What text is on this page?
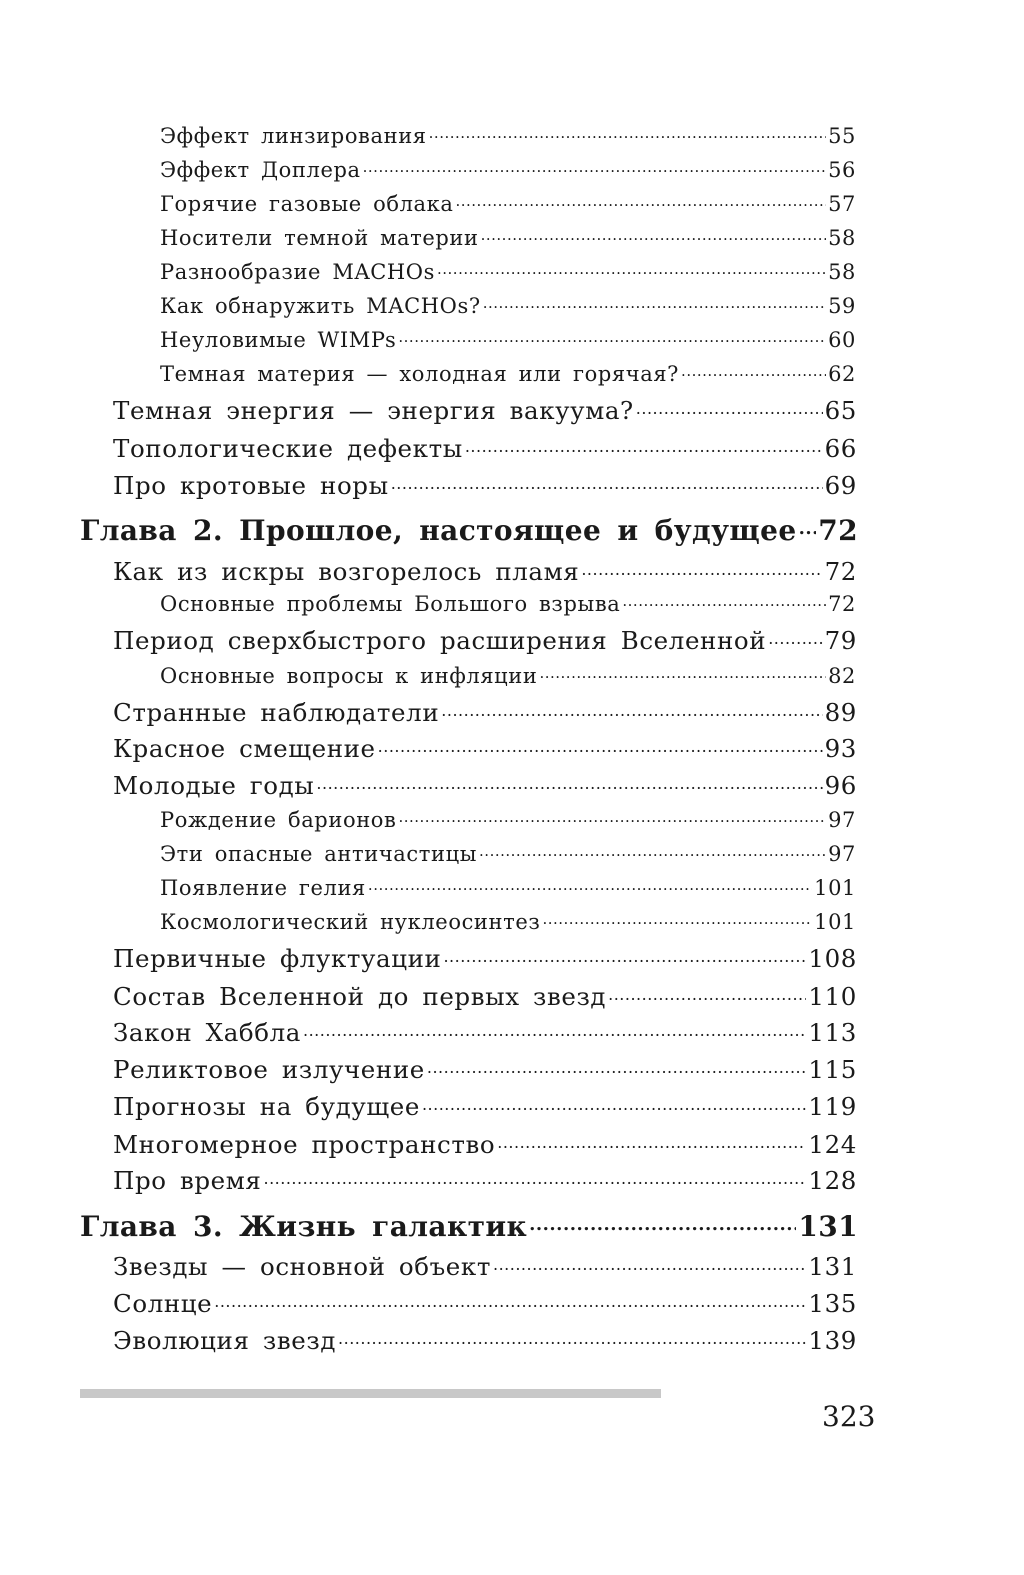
Эффект линзирования .....	55
Эффект Доплера .....	56
Горячие газовые облака .....	57
Носители темной материи .....	58
Разнообразие MACHOs .....	58
Как обнаружить MACHOs? .....	59
Неуловимые WIMPs .....	60
Темная материя — холодная или горячая? .....	62
Темная энергия — энергия вакуума? .....	65
Топологические дефекты .....	66
Про кротовые норы .....	69
Глава 2. Прошлое, настоящее и будущее ..... 72
Как из искры возгорелось пламя .....	72
Основные проблемы Большого взрыва .....	72
Период сверхбыстрого расширения Вселенной ..... 79
Основные вопросы к инфляции .....	82
Странные наблюдатели .....	89
Красное смещение .....	93
Молодые годы .....	96
Рождение барионов .....	97
Эти опасные античастицы .....	97
Появление гелия .....	101
Космологический нуклеосинтез .....	101
Первичные флуктуации .....	108
Состав Вселенной до первых звезд .....	110
Закон Хаббла .....	113
Реликтовое излучение .....	115
Прогнозы на будущее .....	119
Многомерное пространство .....	124
Про время .....	128
Глава 3. Жизнь галактик .....	131
Звезды — основной объект .....	131
Солнце .....	135
Эволюция звезд .....	139
323
